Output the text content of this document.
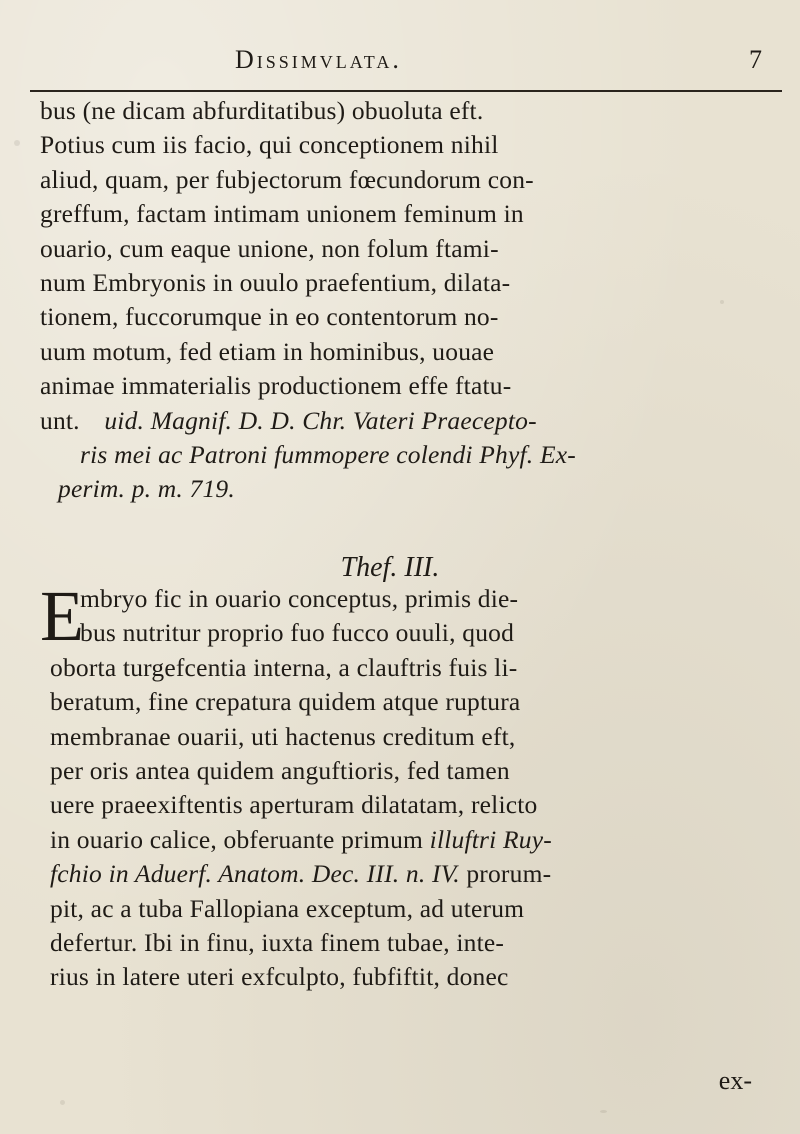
Dissimvlata.	7
bus (ne dicam abfurditatibus) obuoluta eft.
Potius cum iis facio, qui conceptionem nihil
aliud, quam, per fubjectorum fœcundorum con-
greffum, factam intimam unionem feminum in
ouario, cum eaque unione, non folum ftami-
num Embryonis in ouulo praefentium, dilata-
tionem, fuccorumque in eo contentorum no-
uum motum, fed etiam in hominibus, uouae
animae immaterialis productionem effe ftatu-
unt. uid. Magnif. D. D. Chr. Vateri Praecepto-
ris mei ac Patroni fummopere colendi Phyf. Ex-
perim. p. m. 719.
Thef. III.
E
mbryo fic in ouario conceptus, primis die-
bus nutritur proprio fuo fucco ouuli, quod
oborta turgefcentia interna, a clauftris fuis li-
beratum, fine crepatura quidem atque ruptura
membranae ouarii, uti hactenus creditum eft,
per oris antea quidem anguftioris, fed tamen
uere praeexiftentis aperturam dilatatam, relicto
in ouario calice, obferuante primum illuftri Ruy-
fchio in Aduerf. Anatom. Dec. III. n. IV. prorum-
pit, ac a tuba Fallopiana exceptum, ad uterum
defertur. Ibi in finu, iuxta finem tubae, inte-
rius in latere uteri exfculpto, fubfiftit, donec
ex-
